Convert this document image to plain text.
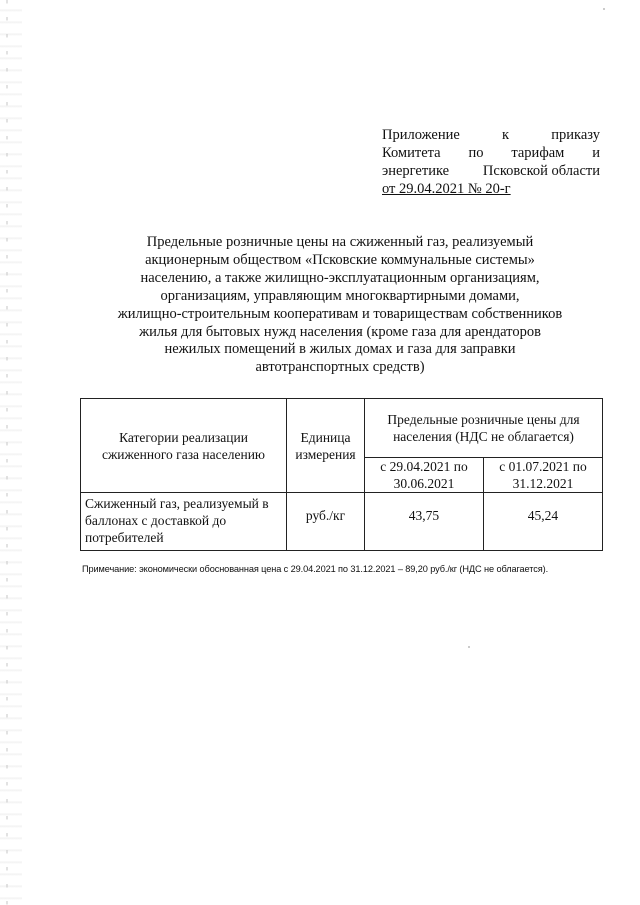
Приложение	к	приказу
Комитета по тарифам и
энергетике Псковской области
от 29.04.2021 № 20-г
Предельные розничные цены на сжиженный газ, реализуемый
акционерным обществом «Псковские коммунальные системы»
населению, а также жилищно-эксплуатационным организациям,
организациям, управляющим многоквартирными домами,
жилищно-строительным кооперативам и товариществам собственников
жилья для бытовых нужд населения (кроме газа для арендаторов
нежилых помещений в жилых домах и газа для заправки
автотранспортных средств)
Категории реализации сжиженного газа населению	Единица измерения	Предельные розничные цены для населения (НДС не облагается)	
		с 29.04.2021 по 30.06.2021	с 01.07.2021 по 31.12.2021
Сжиженный газ, реализуемый в баллонах с доставкой до потребителей	руб./кг	43,75	45,24
Примечание: экономически обоснованная цена с 29.04.2021 по 31.12.2021 – 89,20 руб./кг (НДС не облагается).
